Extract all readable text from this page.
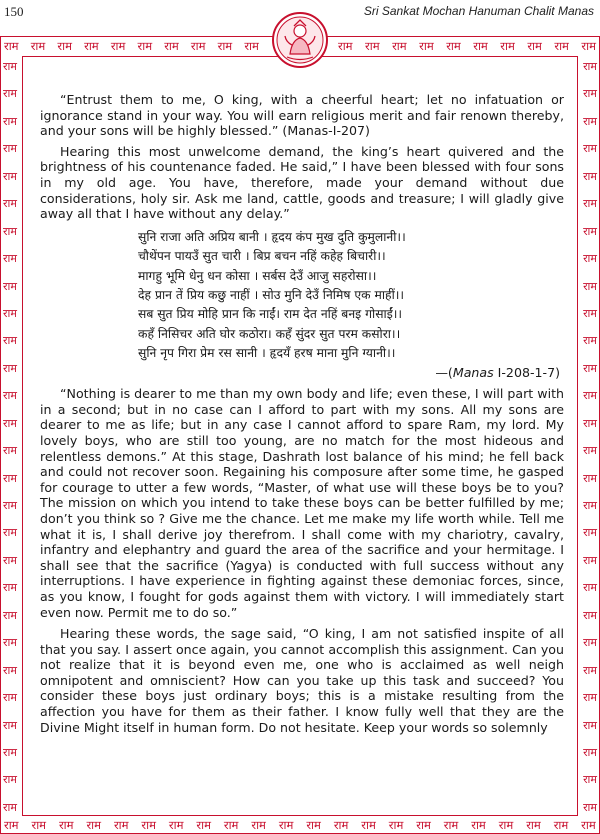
150	Sri Sankat Mochan Hanuman Chalit Manas
राम राम राम राम राम राम राम राम राम राम	राम राम राम राम राम राम राम राम राम राम
राम राम राम राम राम राम राम राम राम राम राम राम राम राम राम राम राम राम राम राम राम राम
राम
राम
राम
राम
राम
राम
राम
राम
राम
राम
राम
राम
राम
राम
राम
राम
राम
राम
राम
राम
राम
राम
राम
राम
राम
राम
राम
राम
राम
राम
राम
राम
राम
राम
राम
राम
राम
राम
राम
राम
राम
राम
राम
राम
राम
राम
राम
राम
राम
राम
राम
राम
राम
राम
राम
राम

“Entrust them to me, O king, with a cheerful heart; let no infatuation or ignorance stand in your way. You will earn religious merit and fair renown thereby, and your sons will be highly blessed.” (Manas-I-207)

Hearing this most unwelcome demand, the king’s heart quivered and the brightness of his countenance faded. He said,” I have been blessed with four sons in my old age. You have, therefore, made your demand without due considerations, holy sir. Ask me land, cattle, goods and treasure; I will gladly give away all that I have without any delay.”

सुनि राजा अति अप्रिय बानी । हृदय कंप मुख दुति कुमुलानी।।
चौथेंपन पायउँ सुत चारी । बिप्र बचन नहिं कहेह बिचारी।।
मागहु भूमि धेनु धन कोसा । सर्बस देउँ आजु सहरोसा।।
देह प्रान तें प्रिय कछु नाहीं । सोउ मुनि देउँ निमिष एक माहीं।।
सब सुत प्रिय मोहि प्रान कि नाईं। राम देत नहिं बनइ गोसाईं।।
कहँ निसिचर अति घोर कठोरा। कहँ सुंदर सुत परम कसोरा।।
सुनि नृप गिरा प्रेम रस सानी । हृदयँ हरष माना मुनि ग्यानी।।
—(Manas I-208-1-7)

“Nothing is dearer to me than my own body and life; even these, I will part with in a second; but in no case can I afford to part with my sons. All my sons are dearer to me as life; but in any case I cannot afford to spare Ram, my lord. My lovely boys, who are still too young, are no match for the most hideous and relentless demons.” At this stage, Dashrath lost balance of his mind; he fell back and could not recover soon. Regaining his composure after some time, he gasped for courage to utter a few words, “Master, of what use will these boys be to you? The mission on which you intend to take these boys can be better fulfilled by me; don’t you think so ? Give me the chance. Let me make my life worth while. Tell me what it is, I shall derive joy therefrom. I shall come with my chariotry, cavalry, infantry and elephantry and guard the area of the sacrifice and your hermitage. I shall see that the sacrifice (Yagya) is conducted with full success without any interruptions. I have experience in fighting against these demoniac forces, since, as you know, I fought for gods against them with victory. I will immediately start even now. Permit me to do so.”

Hearing these words, the sage said, “O king, I am not satisfied inspite of all that you say. I assert once again, you cannot accomplish this assignment. Can you not realize that it is beyond even me, one who is acclaimed as well neigh omnipotent and omniscient? How can you take up this task and succeed? You consider these boys just ordinary boys; this is a mistake resulting from the affection you have for them as their father. I know fully well that they are the Divine Might itself in human form. Do not hesitate. Keep your words so solemnly
